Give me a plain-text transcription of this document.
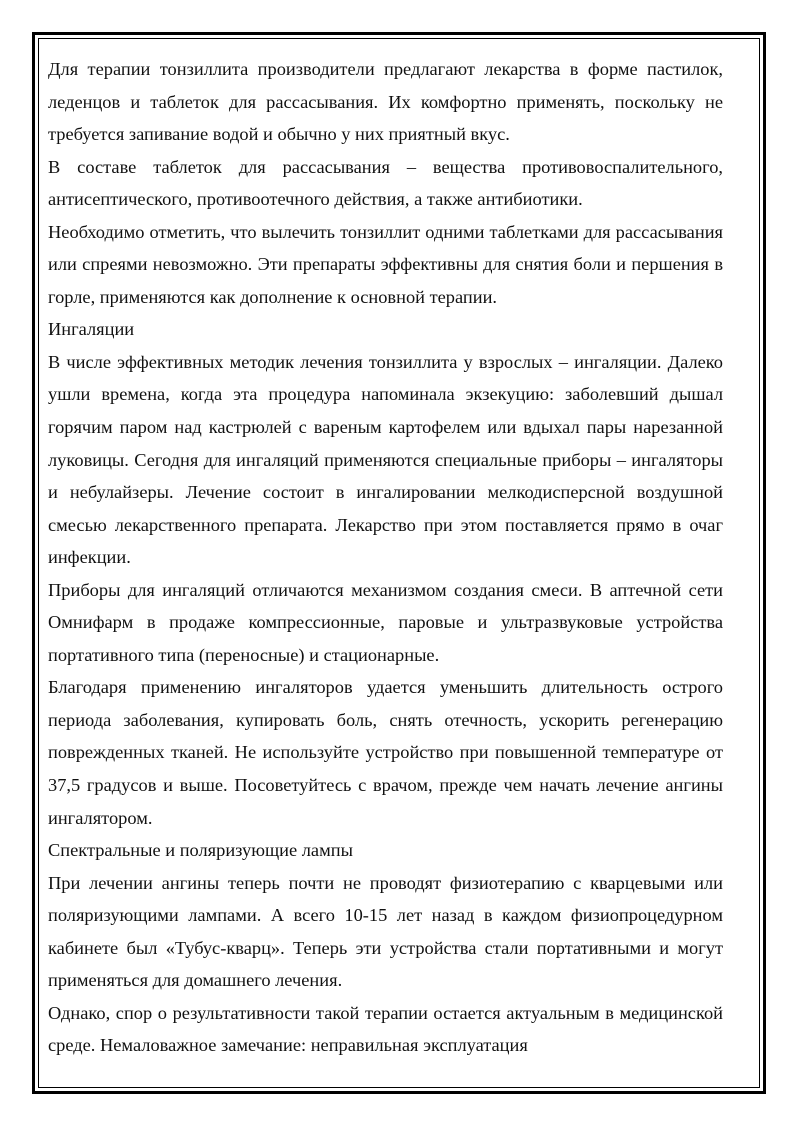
Для терапии тонзиллита производители предлагают лекарства в форме пастилок, леденцов и таблеток для рассасывания. Их комфортно применять, поскольку не требуется запивание водой и обычно у них приятный вкус.

В составе таблеток для рассасывания – вещества противовоспалительного, антисептического, противоотечного действия, а также антибиотики.

Необходимо отметить, что вылечить тонзиллит одними таблетками для рассасывания или спреями невозможно. Эти препараты эффективны для снятия боли и першения в горле, применяются как дополнение к основной терапии.

Ингаляции

В числе эффективных методик лечения тонзиллита у взрослых – ингаляции. Далеко ушли времена, когда эта процедура напоминала экзекуцию: заболевший дышал горячим паром над кастрюлей с вареным картофелем или вдыхал пары нарезанной луковицы. Сегодня для ингаляций применяются специальные приборы – ингаляторы и небулайзеры. Лечение состоит в ингалировании мелкодисперсной воздушной смесью лекарственного препарата. Лекарство при этом поставляется прямо в очаг инфекции.

Приборы для ингаляций отличаются механизмом создания смеси. В аптечной сети Омнифарм в продаже компрессионные, паровые и ультразвуковые устройства портативного типа (переносные) и стационарные.

Благодаря применению ингаляторов удается уменьшить длительность острого периода заболевания, купировать боль, снять отечность, ускорить регенерацию поврежденных тканей. Не используйте устройство при повышенной температуре от 37,5 градусов и выше. Посоветуйтесь с врачом, прежде чем начать лечение ангины ингалятором.

Спектральные и поляризующие лампы

При лечении ангины теперь почти не проводят физиотерапию с кварцевыми или поляризующими лампами. А всего 10-15 лет назад в каждом физиопроцедурном кабинете был «Тубус-кварц». Теперь эти устройства стали портативными и могут применяться для домашнего лечения.

Однако, спор о результативности такой терапии остается актуальным в медицинской среде. Немаловажное замечание: неправильная эксплуатация
